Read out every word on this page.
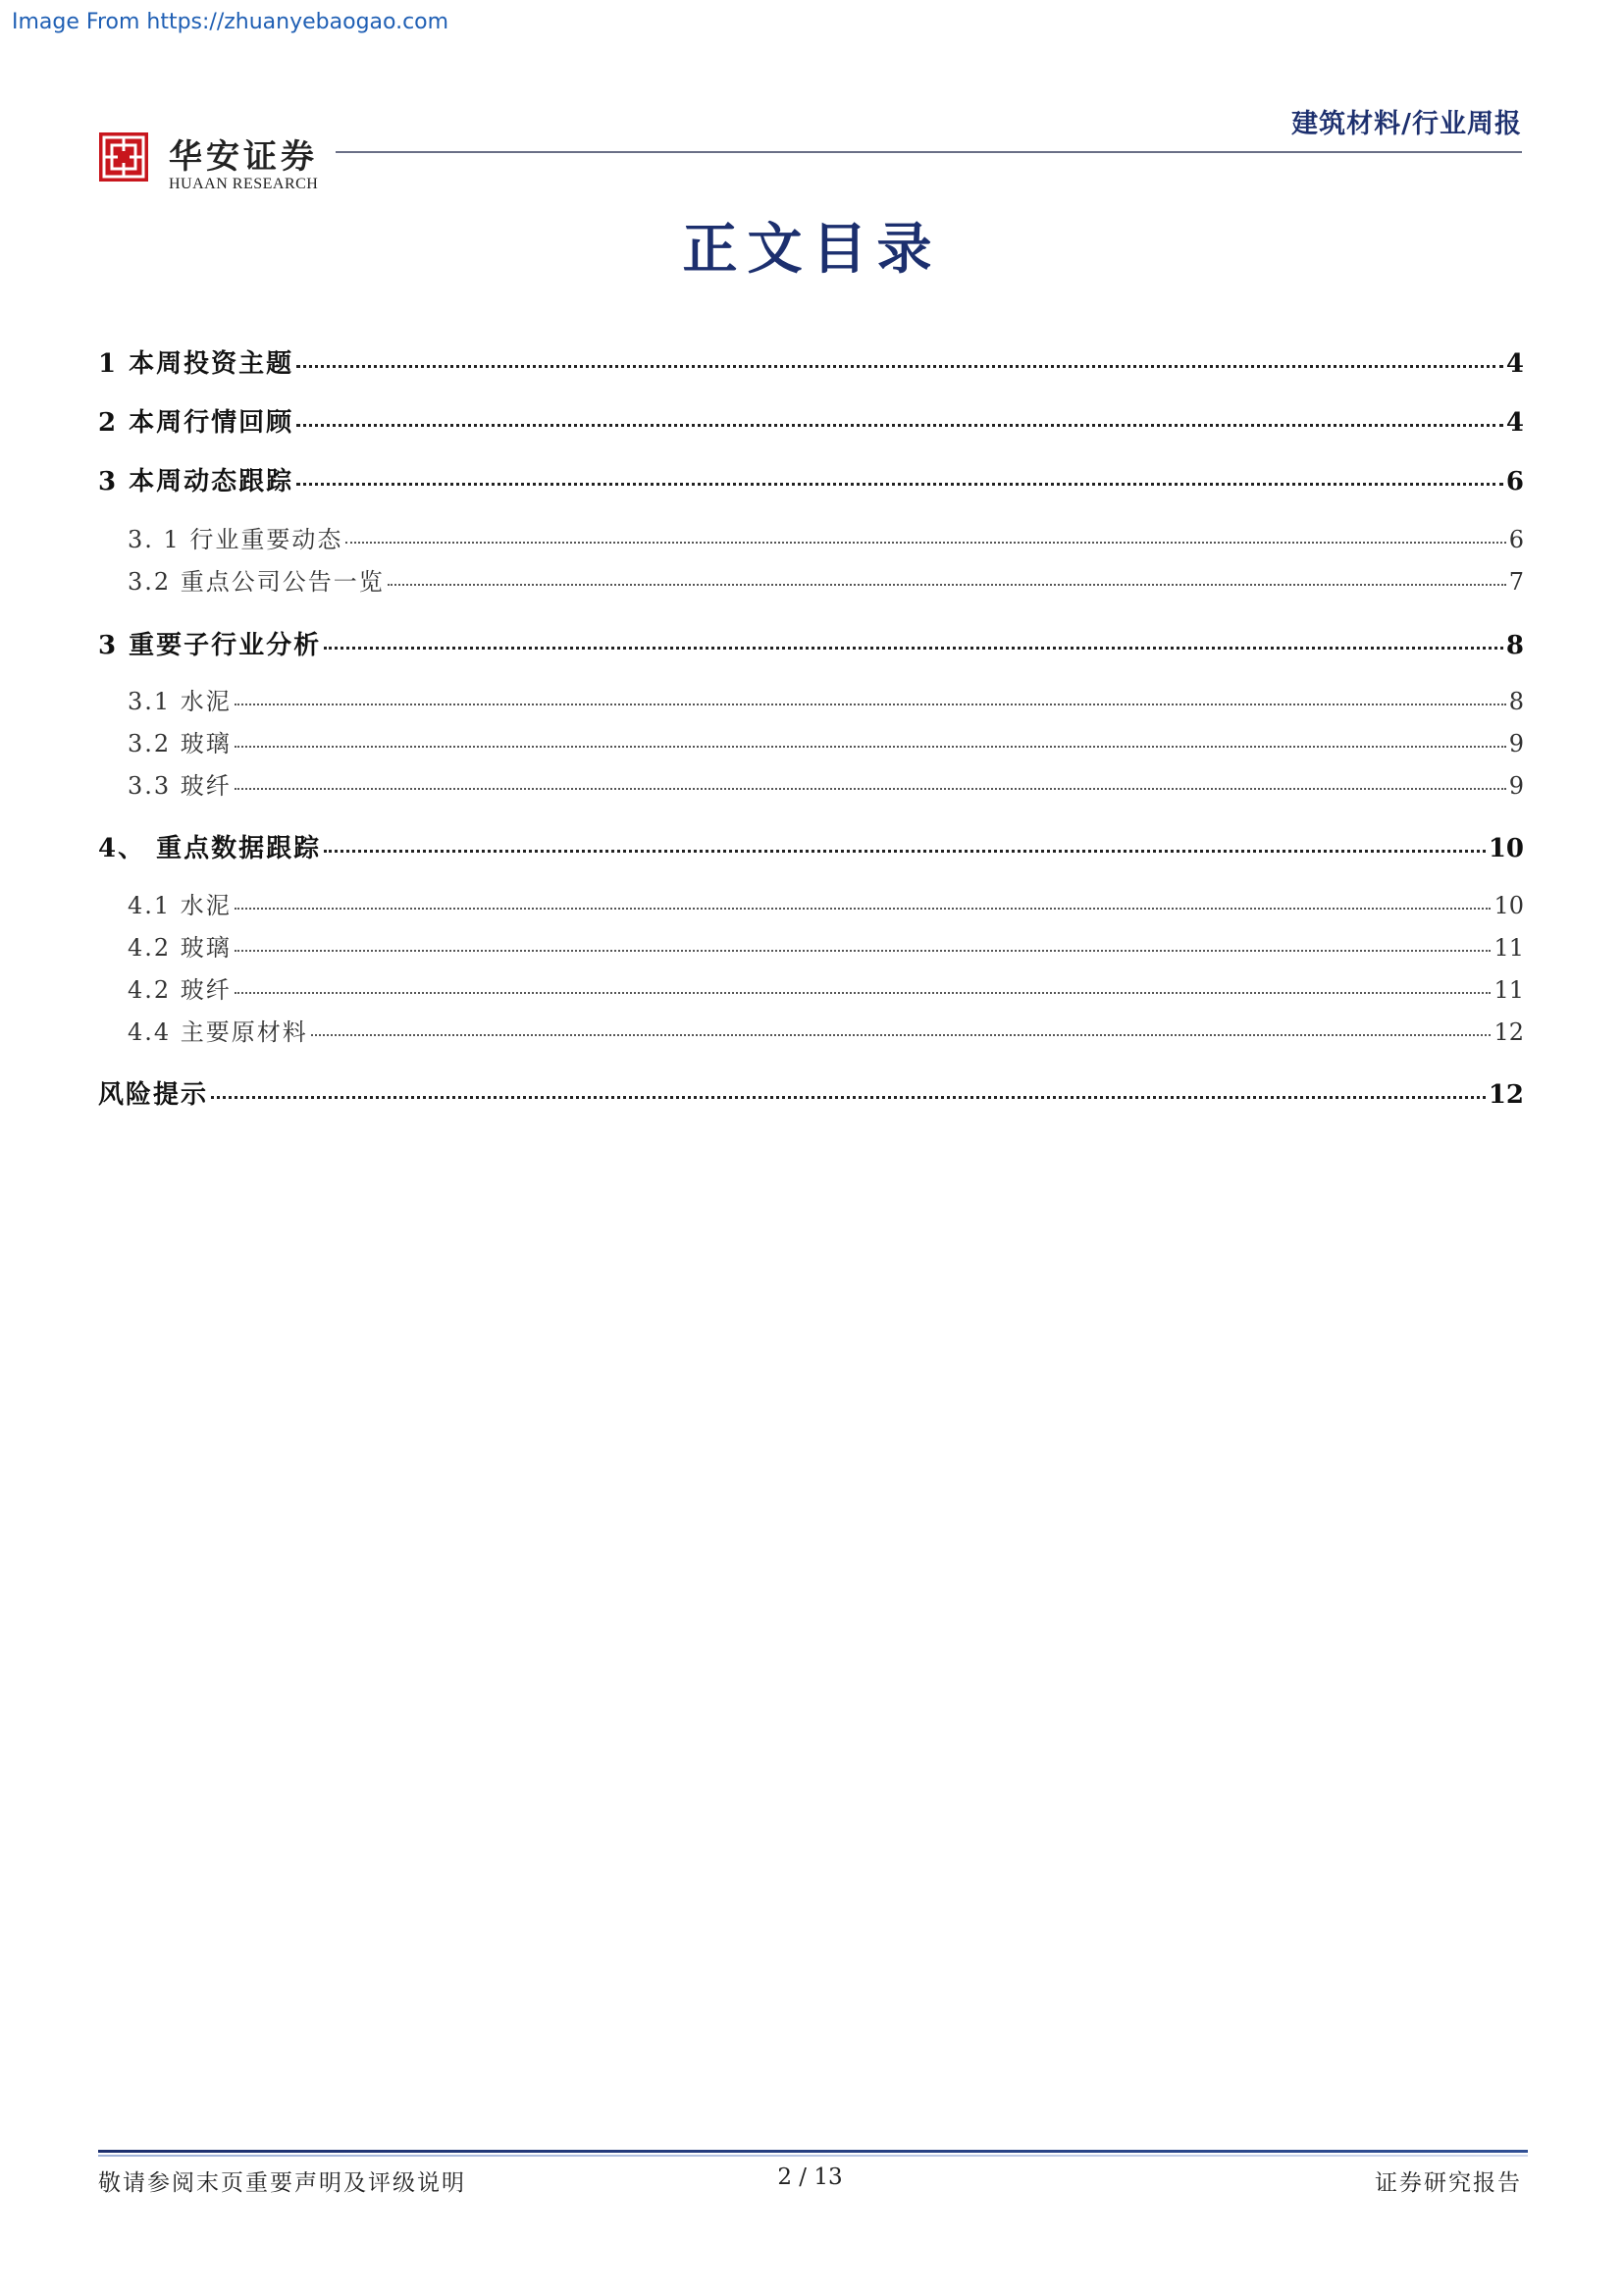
Image From https://zhuanyebaogao.com
华安证券
HUAAN RESEARCH
建筑材料/行业周报
正文目录
1 本周投资主题	4
2 本周行情回顾	4
3 本周动态跟踪	6
3. 1 行业重要动态	6
3.2 重点公司公告一览	7
3 重要子行业分析	8
3.1 水泥	8
3.2 玻璃	9
3.3 玻纤	9
4、 重点数据跟踪	10
4.1 水泥	10
4.2 玻璃	11
4.2 玻纤	11
4.4 主要原材料	12
风险提示	12
敬请参阅末页重要声明及评级说明	2 / 13	证券研究报告
